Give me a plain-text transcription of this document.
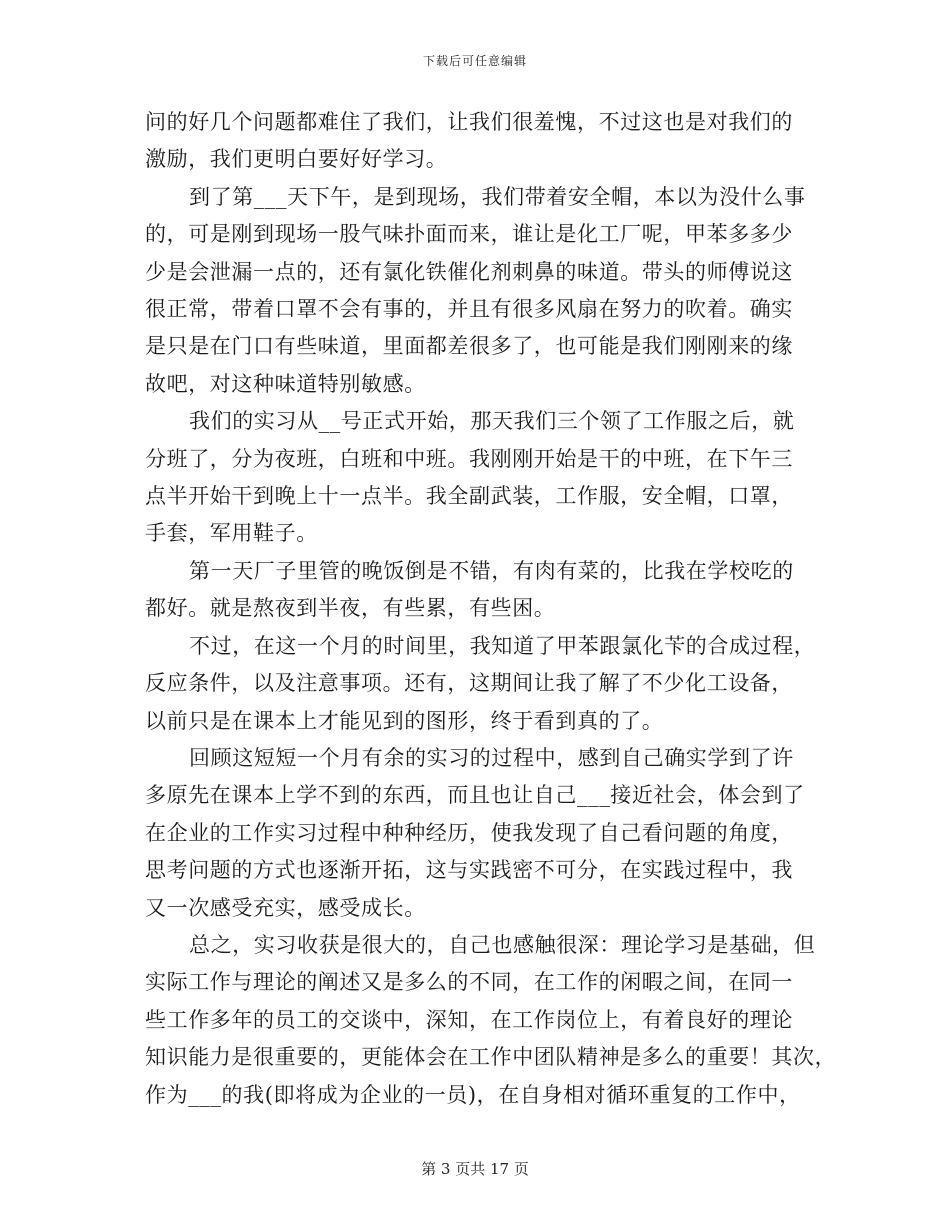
下载后可任意编辑

问的好几个问题都难住了我们，让我们很羞愧，不过这也是对我们的
激励，我们更明白要好好学习。

到了第___天下午，是到现场，我们带着安全帽，本以为没什么事
的，可是刚到现场一股气味扑面而来，谁让是化工厂呢，甲苯多多少
少是会泄漏一点的，还有氯化铁催化剂刺鼻的味道。带头的师傅说这
很正常，带着口罩不会有事的，并且有很多风扇在努力的吹着。确实
是只是在门口有些味道，里面都差很多了，也可能是我们刚刚来的缘
故吧，对这种味道特别敏感。

我们的实习从__号正式开始，那天我们三个领了工作服之后，就
分班了，分为夜班，白班和中班。我刚刚开始是干的中班，在下午三
点半开始干到晚上十一点半。我全副武装，工作服，安全帽，口罩，
手套，军用鞋子。

第一天厂子里管的晚饭倒是不错，有肉有菜的，比我在学校吃的
都好。就是熬夜到半夜，有些累，有些困。

不过，在这一个月的时间里，我知道了甲苯跟氯化苄的合成过程，
反应条件，以及注意事项。还有，这期间让我了解了不少化工设备，
以前只是在课本上才能见到的图形，终于看到真的了。

回顾这短短一个月有余的实习的过程中，感到自己确实学到了许
多原先在课本上学不到的东西，而且也让自己___接近社会，体会到了
在企业的工作实习过程中种种经历，使我发现了自己看问题的角度，
思考问题的方式也逐渐开拓，这与实践密不可分，在实践过程中，我
又一次感受充实，感受成长。

总之，实习收获是很大的，自己也感触很深：理论学习是基础，但
实际工作与理论的阐述又是多么的不同，在工作的闲暇之间，在同一
些工作多年的员工的交谈中，深知，在工作岗位上，有着良好的理论
知识能力是很重要的，更能体会在工作中团队精神是多么的重要！其次，
作为___的我(即将成为企业的一员)，在自身相对循环重复的工作中，

第 3 页共 17 页
